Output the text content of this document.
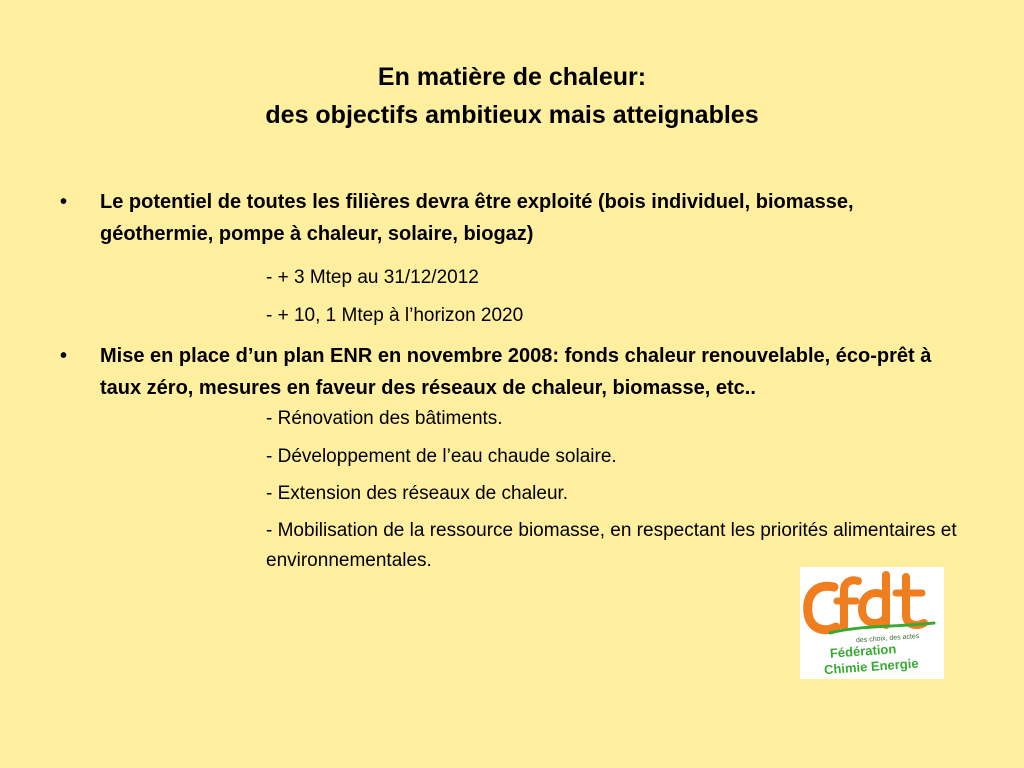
En matière de chaleur:
des objectifs ambitieux mais atteignables
• Le potentiel de toutes les filières devra être exploité (bois individuel, biomasse, géothermie, pompe à chaleur, solaire, biogaz)
- + 3 Mtep au 31/12/2012
- + 10, 1 Mtep à l’horizon 2020
• Mise en place d’un plan ENR en novembre 2008: fonds chaleur renouvelable, éco-prêt à taux zéro, mesures en faveur des réseaux de chaleur, biomasse, etc..
- Rénovation des bâtiments.
- Développement de l’eau chaude solaire.
- Extension des réseaux de chaleur.
- Mobilisation de la ressource biomasse, en respectant les priorités alimentaires et environnementales.
des choix, des actes
Fédération
Chimie Energie
